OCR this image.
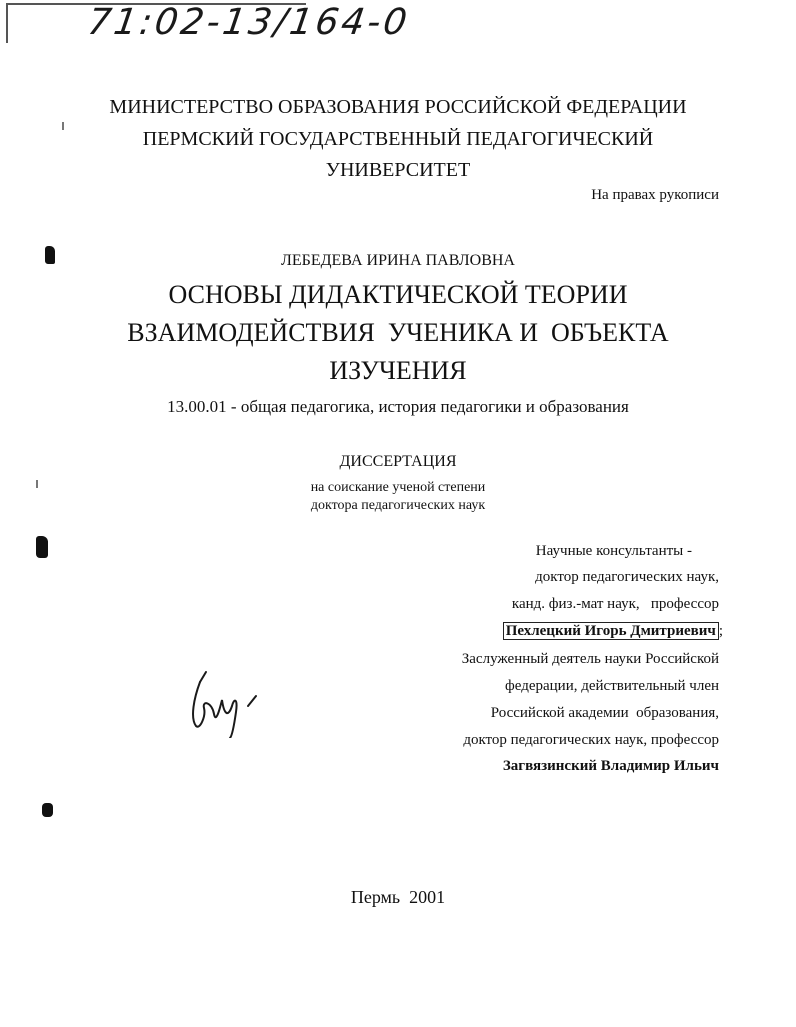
71:02-13/164-0
МИНИСТЕРСТВО ОБРАЗОВАНИЯ РОССИЙСКОЙ ФЕДЕРАЦИИ
ПЕРМСКИЙ ГОСУДАРСТВЕННЫЙ ПЕДАГОГИЧЕСКИЙ
УНИВЕРСИТЕТ
На правах рукописи
ЛЕБЕДЕВА ИРИНА ПАВЛОВНА
ОСНОВЫ ДИДАКТИЧЕСКОЙ ТЕОРИИ
ВЗАИМОДЕЙСТВИЯ  УЧЕНИКА И  ОБЪЕКТА
ИЗУЧЕНИЯ
13.00.01 - общая педагогика, история педагогики и образования
ДИССЕРТАЦИЯ
на соискание ученой степени
доктора педагогических наук
Научные консультанты -
доктор педагогических наук,
канд. физ.-мат наук,   профессор
Пехлецкий Игорь Дмитриевич ;
Заслуженный деятель науки Российской
федерации, действительный член
Российской академии  образования,
доктор педагогических наук, профессор
Загвязинский Владимир Ильич
Пермь  2001
